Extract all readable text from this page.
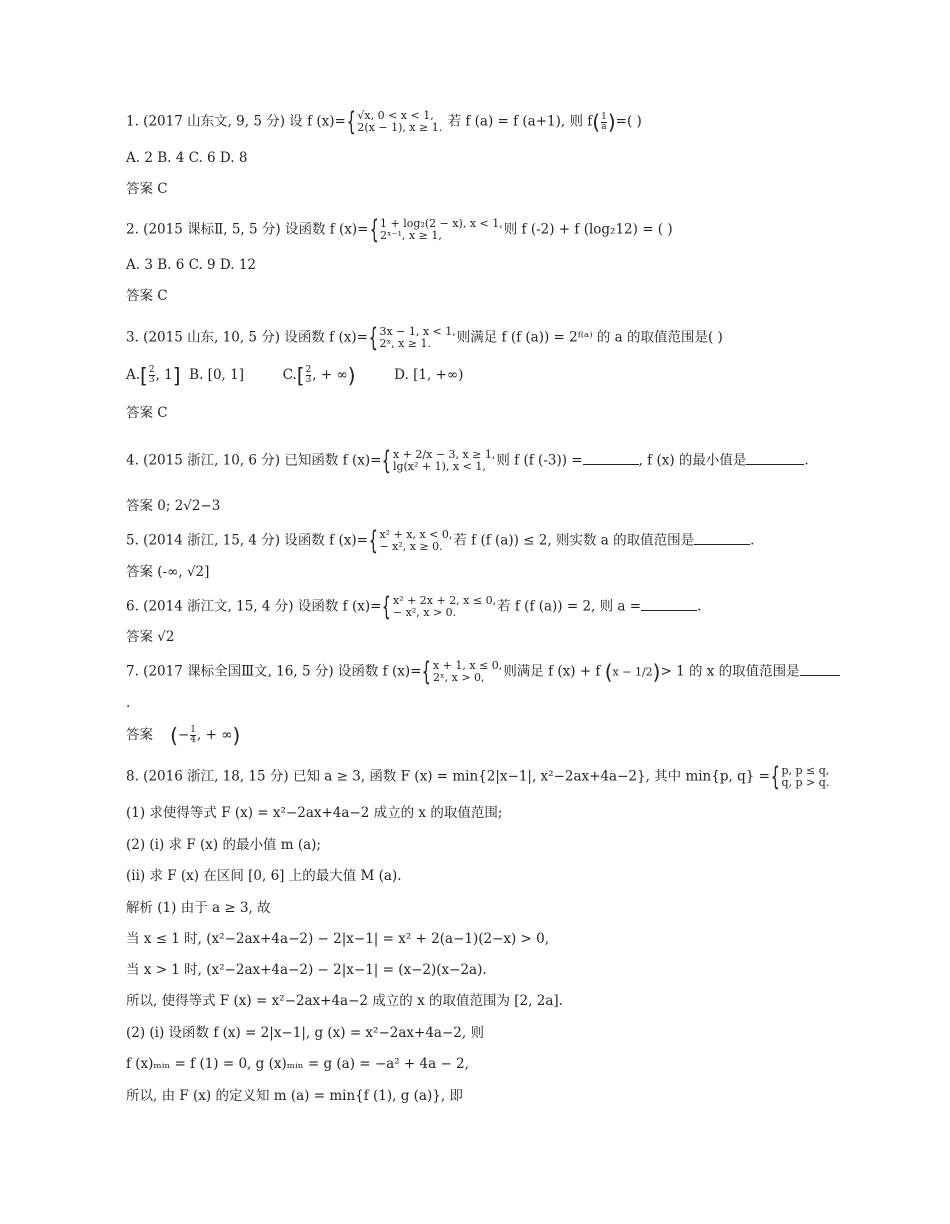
1. (2017 山东文, 9, 5 分) 设 f (x)={ √x, 0 < x < 1,
2(x − 1), x ≥ 1. 若 f (a) = f (a+1), 则 $f( \frac{1}{a}$ )=( )
A. 2 B. 4 C. 6 D. 8
答案 C
2. (2015 课标Ⅱ, 5, 5 分) 设函数 f (x)={ 1 + log₂(2 − x), x < 1,
2ˣ⁻¹, x ≥ 1,	则 f (-2) + f (log₂12) = ( )
A. 3 B. 6 C. 9 D. 12
答案 C
3. (2015 山东, 10, 5 分) 设函数 f (x)={ 3x − 1, x < 1,
2ˣ, x ≥ 1. 则满足 f (f (a)) = 2ᶠ⁽ᵃ⁾ 的 a 的取值范围是( )
$A.[ \frac{2}{3}$ , 1] B. [0, 1]	$C.[ \frac{2}{3}$ , + ∞)	D. [1, +∞)
答案 C
4. (2015 浙江, 10, 6 分) 已知函数 f (x)={ x + 2/x − 3, x ≥ 1,
lg(x² + 1), x < 1, 则 f (f (-3)) =	, f (x) 的最小值是	.
答案 0; 2√2−3
5. (2014 浙江, 15, 4 分) 设函数 f (x)={ x² + x, x < 0,
− x², x ≥ 0. 若 f (f (a)) ≤ 2, 则实数 a 的取值范围是	.
答案 (-∞, √2]
6. (2014 浙江文, 15, 4 分) 设函数 f (x)={ x² + 2x + 2, x ≤ 0,
− x², x > 0.	若 f (f (a)) = 2, 则 a =	.
答案 √2
7. (2017 课标全国Ⅲ文, 16, 5 分) 设函数 f (x)={ x + 1, x ≤ 0,
2ˣ, x > 0, 则满足 f (x) + f (x − 1/2)> 1 的 x 的取值范围是
.
答案 (− $\frac{1}{4}$ , + ∞)
8. (2016 浙江, 18, 15 分) 已知 a ≥ 3, 函数 F (x) = min{2|x−1|, x²−2ax+4a−2}, 其中 min{p, q} ={ p, p ≤ q,
q, p > q.
(1) 求使得等式 F (x) = x²−2ax+4a−2 成立的 x 的取值范围;
(2) (i) 求 F (x) 的最小值 m (a);
(ii) 求 F (x) 在区间 [0, 6] 上的最大值 M (a).
解析 (1) 由于 a ≥ 3, 故
当 x ≤ 1 时, (x²−2ax+4a−2) − 2|x−1| = x² + 2(a−1)(2−x) > 0,
当 x > 1 时, (x²−2ax+4a−2) − 2|x−1| = (x−2)(x−2a).
所以, 使得等式 F (x) = x²−2ax+4a−2 成立的 x 的取值范围为 [2, 2a].
(2) (i) 设函数 f (x) = 2|x−1|, g (x) = x²−2ax+4a−2, 则
f (x)ₘᵢₙ = f (1) = 0, g (x)ₘᵢₙ = g (a) = −a² + 4a − 2,
所以, 由 F (x) 的定义知 m (a) = min{f (1), g (a)}, 即
